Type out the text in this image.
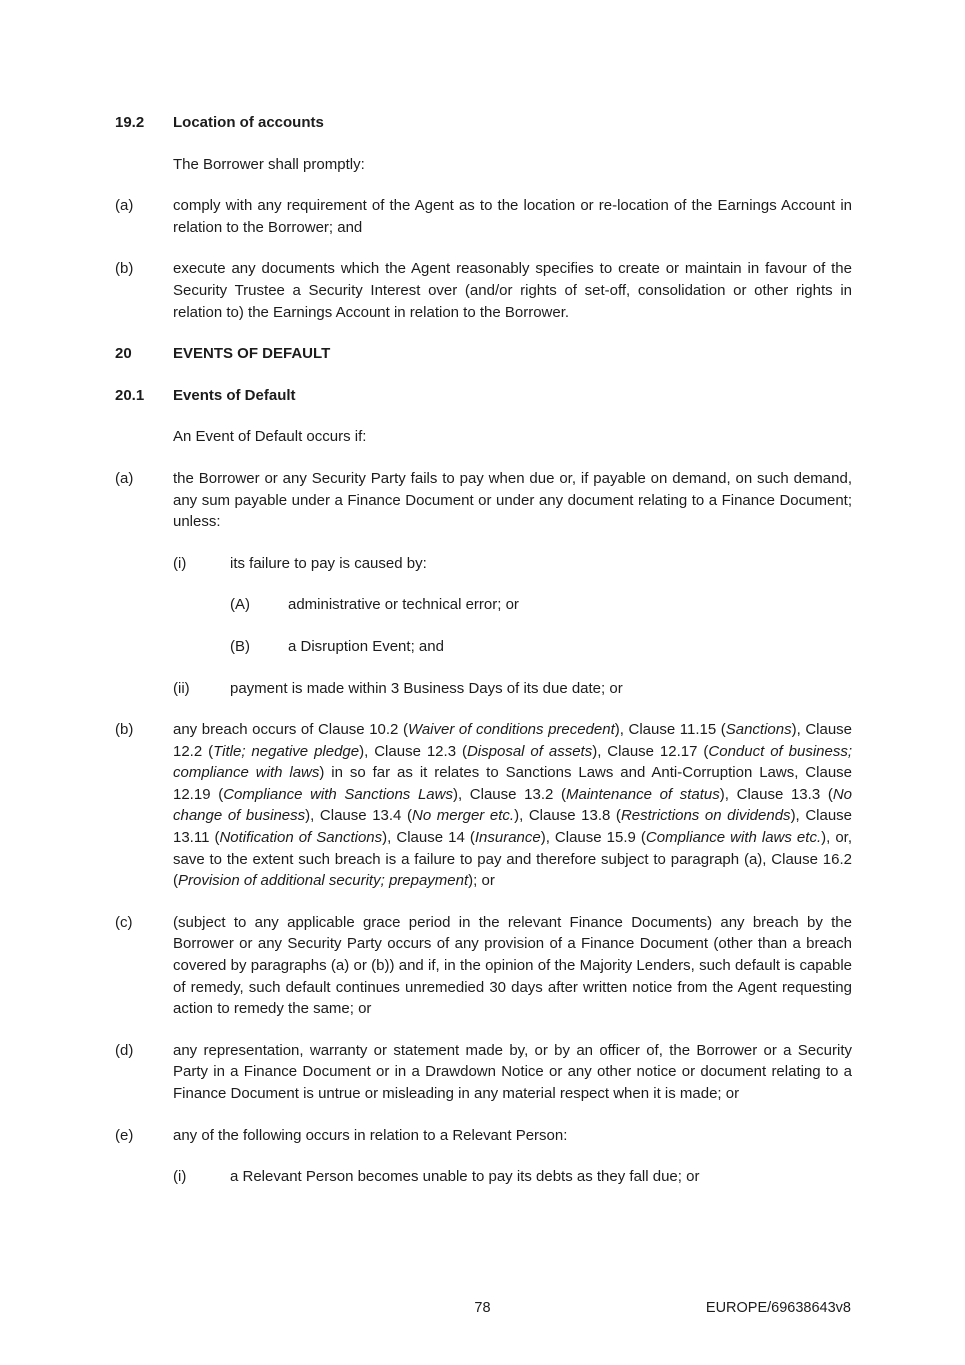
19.2	Location of accounts
The Borrower shall promptly:
(a)	comply with any requirement of the Agent as to the location or re-location of the Earnings Account in relation to the Borrower; and
(b)	execute any documents which the Agent reasonably specifies to create or maintain in favour of the Security Trustee a Security Interest over (and/or rights of set-off, consolidation or other rights in relation to) the Earnings Account in relation to the Borrower.
20	EVENTS OF DEFAULT
20.1	Events of Default
An Event of Default occurs if:
(a)	the Borrower or any Security Party fails to pay when due or, if payable on demand, on such demand, any sum payable under a Finance Document or under any document relating to a Finance Document; unless:
(i)	its failure to pay is caused by:
(A)	administrative or technical error; or
(B)	a Disruption Event; and
(ii)	payment is made within 3 Business Days of its due date; or
(b)	any breach occurs of Clause 10.2 (Waiver of conditions precedent), Clause 11.15 (Sanctions), Clause 12.2 (Title; negative pledge), Clause 12.3 (Disposal of assets), Clause 12.17 (Conduct of business; compliance with laws) in so far as it relates to Sanctions Laws and Anti-Corruption Laws, Clause 12.19 (Compliance with Sanctions Laws), Clause 13.2 (Maintenance of status), Clause 13.3 (No change of business), Clause 13.4 (No merger etc.), Clause 13.8 (Restrictions on dividends), Clause 13.11 (Notification of Sanctions), Clause 14 (Insurance), Clause 15.9 (Compliance with laws etc.), or, save to the extent such breach is a failure to pay and therefore subject to paragraph (a), Clause 16.2 (Provision of additional security; prepayment); or
(c)	(subject to any applicable grace period in the relevant Finance Documents) any breach by the Borrower or any Security Party occurs of any provision of a Finance Document (other than a breach covered by paragraphs (a) or (b)) and if, in the opinion of the Majority Lenders, such default is capable of remedy, such default continues unremedied 30 days after written notice from the Agent requesting action to remedy the same; or
(d)	any representation, warranty or statement made by, or by an officer of, the Borrower or a Security Party in a Finance Document or in a Drawdown Notice or any other notice or document relating to a Finance Document is untrue or misleading in any material respect when it is made; or
(e)	any of the following occurs in relation to a Relevant Person:
(i)	a Relevant Person becomes unable to pay its debts as they fall due; or
78	EUROPE/69638643v8
